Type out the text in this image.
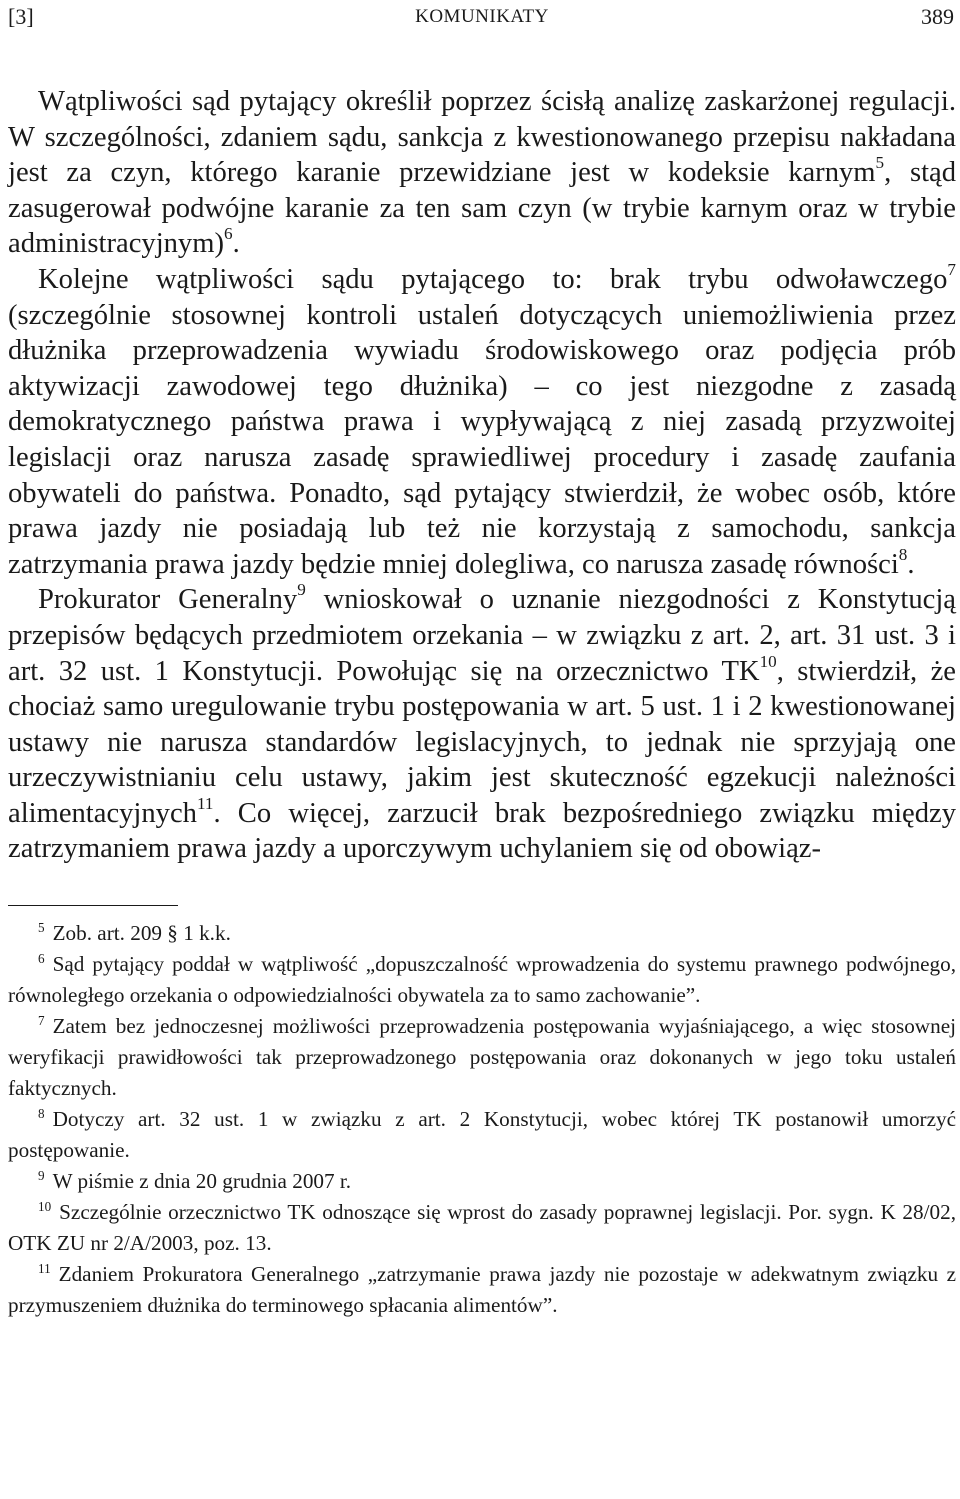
[3]	KOMUNIKATY	389

Wątpliwości sąd pytający określił poprzez ścisłą analizę zaskarżonej regulacji. W szczególności, zdaniem sądu, sankcja z kwestionowanego przepisu nakładana jest za czyn, którego karanie przewidziane jest w kodeksie karnym$^5$, stąd zasugerował podwójne karanie za ten sam czyn (w trybie karnym oraz w trybie administracyjnym)$^6$.

Kolejne wątpliwości sądu pytającego to: brak trybu odwoławczego$^7$ (szczególnie stosownej kontroli ustaleń dotyczących uniemożliwienia przez dłużnika przeprowadzenia wywiadu środowiskowego oraz podjęcia prób aktywizacji zawodowej tego dłużnika) – co jest niezgodne z zasadą demokratycznego państwa prawa i wypływającą z niej zasadą przyzwoitej legislacji oraz narusza zasadę sprawiedliwej procedury i zasadę zaufania obywateli do państwa. Ponadto, sąd pytający stwierdził, że wobec osób, które prawa jazdy nie posiadają lub też nie korzystają z samochodu, sankcja zatrzymania prawa jazdy będzie mniej dolegliwa, co narusza zasadę równości$^8$.

Prokurator Generalny$^9$ wnioskował o uznanie niezgodności z Konstytucją przepisów będących przedmiotem orzekania – w związku z art. 2, art. 31 ust. 3 i art. 32 ust. 1 Konstytucji. Powołując się na orzecznictwo TK$^{10}$, stwierdził, że chociaż samo uregulowanie trybu postępowania w art. 5 ust. 1 i 2 kwestionowanej ustawy nie narusza standardów legislacyjnych, to jednak nie sprzyjają one urzeczywistnianiu celu ustawy, jakim jest skuteczność egzekucji należności alimentacyjnych$^{11}$. Co więcej, zarzucił brak bezpośredniego związku między zatrzymaniem prawa jazdy a uporczywym uchylaniem się od obowiąz-

$^5$ Zob. art. 209 § 1 k.k.

$^6$ Sąd pytający poddał w wątpliwość „dopuszczalność wprowadzenia do systemu prawnego podwójnego, równoległego orzekania o odpowiedzialności obywatela za to samo zachowanie”.

$^7$ Zatem bez jednoczesnej możliwości przeprowadzenia postępowania wyjaśniającego, a więc stosownej weryfikacji prawidłowości tak przeprowadzonego postępowania oraz dokonanych w jego toku ustaleń faktycznych.

$^8$ Dotyczy art. 32 ust. 1 w związku z art. 2 Konstytucji, wobec której TK postanowił umorzyć postępowanie.

$^9$ W piśmie z dnia 20 grudnia 2007 r.

$^{10}$ Szczególnie orzecznictwo TK odnoszące się wprost do zasady poprawnej legislacji. Por. sygn. K 28/02, OTK ZU nr 2/A/2003, poz. 13.

$^{11}$ Zdaniem Prokuratora Generalnego „zatrzymanie prawa jazdy nie pozostaje w adekwatnym związku z przymuszeniem dłużnika do terminowego spłacania alimentów”.
